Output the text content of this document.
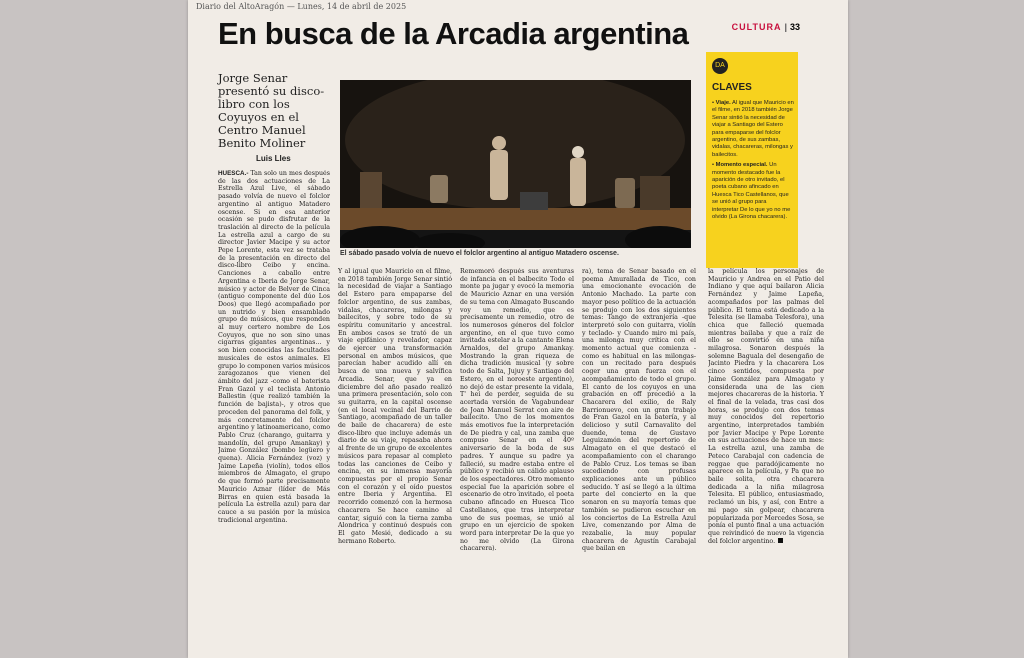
Diario del AltoAragón — Lunes, 14 de abril de 2025
CULTURA | 33
En busca de la Arcadia argentina
Jorge Senar presentó su disco-libro con los Coyuyos en el Centro Manuel Benito Moliner
Luis Lles
El sábado pasado volvía de nuevo el folclor argentino al antiguo Matadero oscense.
DA
CLAVES

• Viaje. Al igual que Mauricio en el filme, en 2018 también Jorge Senar sintió la necesidad de viajar a Santiago del Estero para empaparse del folclor argentino, de sus zambas, vidalas, chacareras, milongas y bailecitos.

• Momento especial. Un momento destacado fue la aparición de otro invitado, el poeta cubano afincado en Huesca Tico Castellanos, que se unió al grupo para interpretar De lo que yo no me olvido (La Girona chacarera).

HUESCA.- Tan solo un mes después de las dos actuaciones de La Estrella Azul Live, el sábado pasado volvía de nuevo el folclor argentino al antiguo Matadero oscense. Si en esa anterior ocasión se pudo disfrutar de la traslación al directo de la película La estrella azul a cargo de su director Javier Macipe y su actor Pepe Lorente, esta vez se trataba de la presentación en directo del disco-libro Ceibo y encina. Canciones a caballo entre Argentina e Iberia de Jorge Senar, músico y actor de Belver de Cinca (antiguo componente del dúo Los Doos) que llegó acompañado por un nutrido y bien ensamblado grupo de músicos, que responden al muy certero nombre de Los Coyuyos, que no son sino unas cigarras gigantes argentinas… y son bien conocidas las facultades musicales de estos animales. El grupo lo componen varios músicos zaragozanos que vienen del ámbito del jazz -como el baterista Fran Gazol y el teclista Antonio Ballestin (que realizó también la función de bajista)-, y otros que proceden del panorama del folk, y más concretamente del folclor argentino y latinoamericano, como Pablo Cruz (charango, guitarra y mandolín, del grupo Amankay) y Jaime González (bombo legüero y quena). Alicia Fernández (voz) y Jaime Lapeña (violín), todos ellos miembros de Almagato, el grupo de que formó parte precisamente Mauricio Aznar (líder de Más Birras en quien está basada la película La estrella azul) para dar cauce a su pasión por la música tradicional argentina.

Y al igual que Mauricio en el filme, en 2018 también Jorge Senar sintió la necesidad de viajar a Santiago del Estero para empaparse del folclor argentino, de sus zambas, vidalas, chacareras, milongas y bailecitos, y sobre todo de su espíritu comunitario y ancestral. En ambos casos se trató de un viaje epifánico y revelador, capaz de ejercer una transformación personal en ambos músicos, que parecían haber acudido allí en busca de una nueva y salvífica Arcadia. Senar, que ya en diciembre del año pasado realizó una primera presentación, solo con su guitarra, en la capital oscense (en el local vecinal del Barrio de Santiago, acompañado de un taller de baile de chacarera) de este disco-libro que incluye además un diario de su viaje, repasaba ahora al frente de un grupo de excelentes músicos para repasar al completo todas las canciones de Ceibo y encina, en su inmensa mayoría compuestas por el propio Senar con el corazón y el oído puestos entre Iberia y Argentina. El recorrido comenzó con la hermosa chacarera Se hace camino al cantar, siguió con la tierna zamba Alondrica y continuó después con El gato Mesié, dedicado a su hermano Roberto.

Rememoró después sus aventuras de infancia en el balbecito Todo el monte pa jugar y evocó la memoria de Mauricio Aznar en una versión de su tema con Almagato Buscando voy un remedio, que es precisamente un remedio, otro de los numerosos géneros del folclor argentino, en el que tuvo como invitada estelar a la cantante Elena Arnaldos, del grupo Amankay. Mostrando la gran riqueza de dicha tradición musical (y sobre todo de Salta, Jujuy y Santiago del Estero, en el noroeste argentino), no dejó de estar presente la vidala, T' hei de perder, seguida de su acertada versión de Vagabundear de Joan Manuel Serrat con aire de bailecito. Uno de los momentos más emotivos fue la interpretación de De piedra y cal, una zamba que compuso Senar en el 40º aniversario de la boda de sus padres. Y aunque su padre ya falleció, su madre estaba entre el público y recibió un cálido aplauso de los espectadores. Otro momento especial fue la aparición sobre el escenario de otro invitado, el poeta cubano afincado en Huesca Tico Castellanos, que tras interpretar uno de sus poemas, se unió al grupo en un ejercicio de spoken word para interpretar De la que yo no me olvido (La Girona chacarera).

ra), tema de Senar basado en el poema Amurallada de Tico, con una emocionante evocación de Antonio Machado. La parte con mayor peso político de la actuación se produjo con los dos siguientes temas: Tango de extranjería -que interpretó solo con guitarra, violín y teclado- y Cuando miro mi país, una milonga muy crítica con el momento actual que comienza -como es habitual en las milongas- con un recitado para después coger una gran fuerza con el acompañamiento de todo el grupo. El canto de los coyuyos en una grabación en off precedió a la Chacarera del exilio, de Raly Barrionuevo, con un gran trabajo de Fran Gazol en la batería, y al delicioso y sutil Carnavalito del duende, tema de Gustavo Leguizamón del repertorio de Almagato en el que destacó el acompañamiento con el charango de Pablo Cruz. Los temas se iban sucediendo con profusas explicaciones ante un público seducido. Y así se llegó a la última parte del concierto en la que sonaron en su mayoría temas que también se pudieron escuchar en los conciertos de La Estrella Azul Live, comenzando por Alma de rezabalie, la muy popular chacarera de Agustín Carabajal que bailan en

la película los personajes de Mauricio y Andrea en el Patio del Indiano y que aquí bailaron Alicia Fernández y Jaime Lapeña, acompañados por las palmas del público. El tema está dedicado a la Telesita (se llamaba Telesfora), una chica que falleció quemada mientras bailaba y que a raíz de ello se convirtió en una niña milagrosa. Sonaron después la solemne Baguala del desengaño de Jacinto Piedra y la chacarera Los cinco sentidos, compuesta por Jaime González para Almagato y considerada una de las cien mejores chacareras de la historia. Y el final de la velada, tras casi dos horas, se produjo con dos temas muy conocidos del repertorio argentino, interpretados también por Javier Macipe y Pepe Lorente en sus actuaciones de hace un mes: La estrella azul, una zamba de Peteco Carabajal con cadencia de reggae que paradójicamente no aparece en la película, y Pa que no baile solita, otra chacarera dedicada a la niña milagrosa Telesita. El público, entusiasmado, reclamó un bis, y así, con Entre a mi pago sin golpear, chacarera popularizada por Mercedes Sosa, se ponía el punto final a una actuación que reivindicó de nuevo la vigencia del folclor argentino.
